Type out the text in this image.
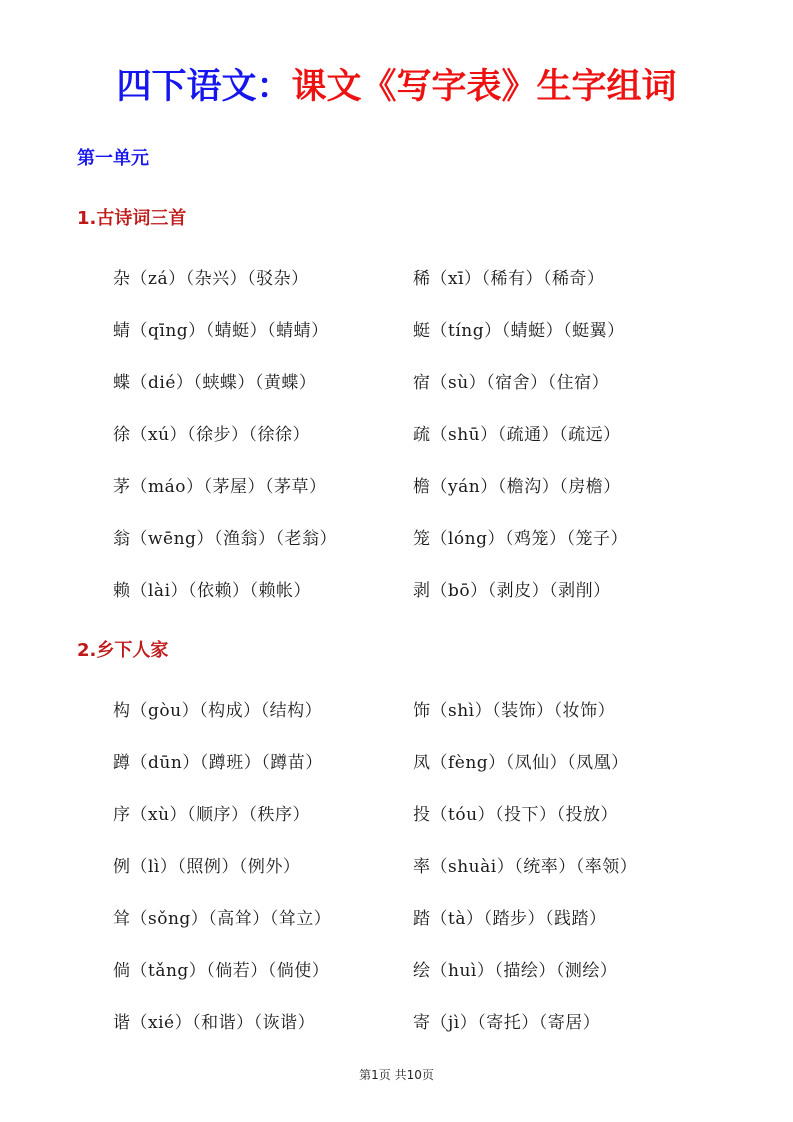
四下语文：课文《写字表》生字组词
第一单元
1.古诗词三首
杂（zá）（杂兴）（驳杂）	稀（xī）（稀有）（稀奇）
蜻（qīng）（蜻蜓）（蜻蜻）	蜓（tíng）（蜻蜓）（蜓翼）
蝶（dié）（蛱蝶）（黄蝶）	宿（sù）（宿舍）（住宿）
徐（xú）（徐步）（徐徐）	疏（shū）（疏通）（疏远）
茅（máo）（茅屋）（茅草）	檐（yán）（檐沟）（房檐）
翁（wēng）（渔翁）（老翁）	笼（lóng）（鸡笼）（笼子）
赖（lài）（依赖）（赖帐）	剥（bō）（剥皮）（剥削）
2.乡下人家
构（gòu）（构成）（结构）	饰（shì）（装饰）（妆饰）
蹲（dūn）（蹲班）（蹲苗）	凤（fèng）（凤仙）（凤凰）
序（xù）（顺序）（秩序）	投（tóu）（投下）（投放）
例（lì）（照例）（例外）	率（shuài）（统率）（率领）
耸（sǒng）（高耸）（耸立）	踏（tà）（踏步）（践踏）
倘（tǎng）（倘若）（倘使）	绘（huì）（描绘）（测绘）
谐（xié）（和谐）（诙谐）	寄（jì）（寄托）（寄居）
第1页 共10页
